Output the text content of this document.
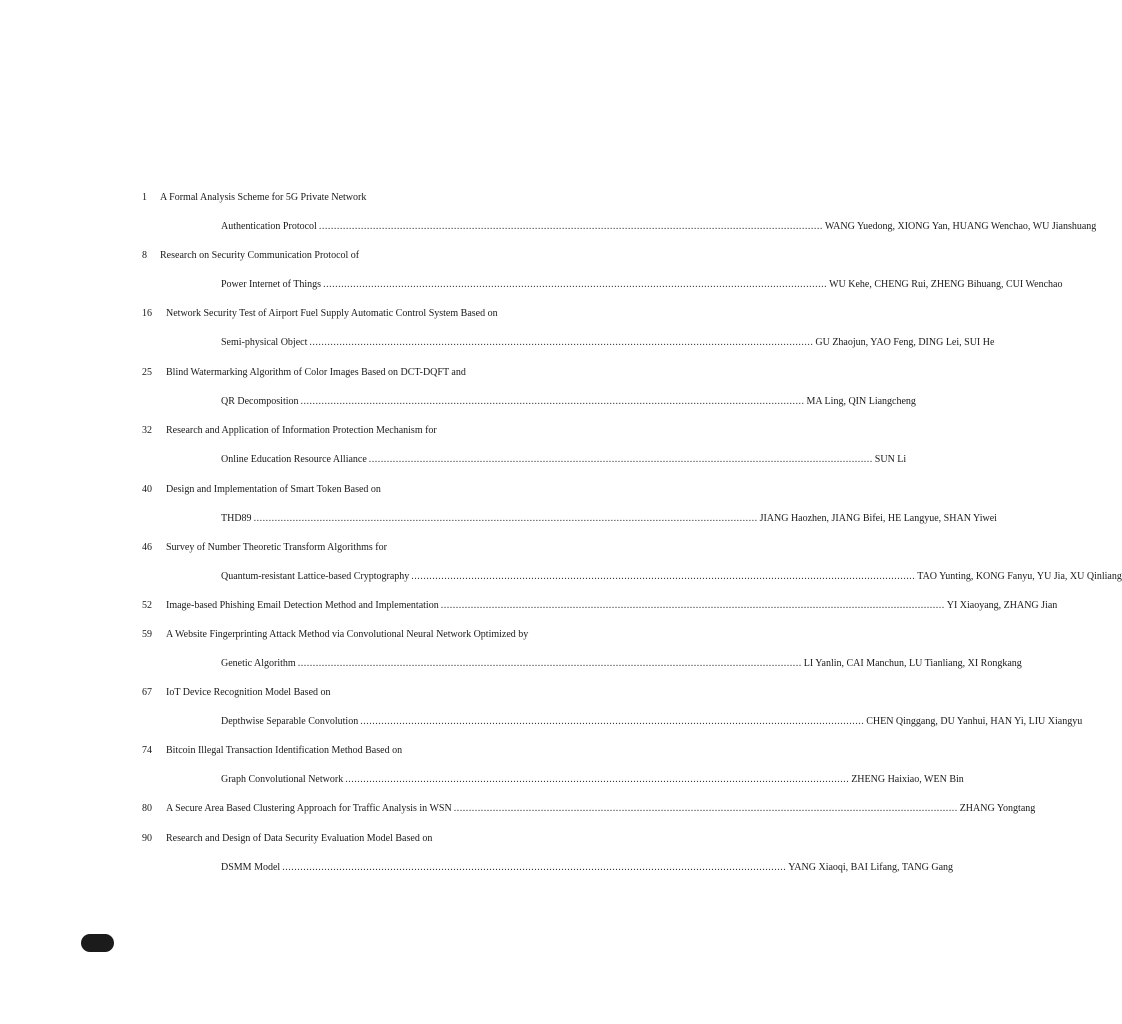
1 A Formal Analysis Scheme for 5G Private Network
Authentication Protocol ........................................................................................................................................................................ WANG Yuedong, XIONG Yan, HUANG Wenchao, WU Jianshuang
8 Research on Security Communication Protocol of
Power Internet of Things ........................................................................................................................................................................ WU Kehe, CHENG Rui, ZHENG Bihuang, CUI Wenchao
16 Network Security Test of Airport Fuel Supply Automatic Control System Based on
Semi-physical Object ........................................................................................................................................................................ GU Zhaojun, YAO Feng, DING Lei, SUI He
25 Blind Watermarking Algorithm of Color Images Based on DCT-DQFT and
QR Decomposition ........................................................................................................................................................................ MA Ling, QIN Liangcheng
32 Research and Application of Information Protection Mechanism for
Online Education Resource Alliance ........................................................................................................................................................................ SUN Li
40 Design and Implementation of Smart Token Based on
THD89 ........................................................................................................................................................................ JIANG Haozhen, JIANG Bifei, HE Langyue, SHAN Yiwei
46 Survey of Number Theoretic Transform Algorithms for
Quantum-resistant Lattice-based Cryptography ........................................................................................................................................................................ TAO Yunting, KONG Fanyu, YU Jia, XU Qinliang
52	Image-based Phishing Email Detection Method and Implementation ........................................................................................................................................................................ YI Xiaoyang, ZHANG Jian
59 A Website Fingerprinting Attack Method via Convolutional Neural Network Optimized by
Genetic Algorithm ........................................................................................................................................................................ LI Yanlin, CAI Manchun, LU Tianliang, XI Rongkang
67 IoT Device Recognition Model Based on
Depthwise Separable Convolution ........................................................................................................................................................................ CHEN Qinggang, DU Yanhui, HAN Yi, LIU Xiangyu
74 Bitcoin Illegal Transaction Identification Method Based on
Graph Convolutional Network ........................................................................................................................................................................ ZHENG Haixiao, WEN Bin
80	A Secure Area Based Clustering Approach for Traffic Analysis in WSN ........................................................................................................................................................................ ZHANG Yongtang
90 Research and Design of Data Security Evaluation Model Based on
DSMM Model ........................................................................................................................................................................ YANG Xiaoqi, BAI Lifang, TANG Gang
